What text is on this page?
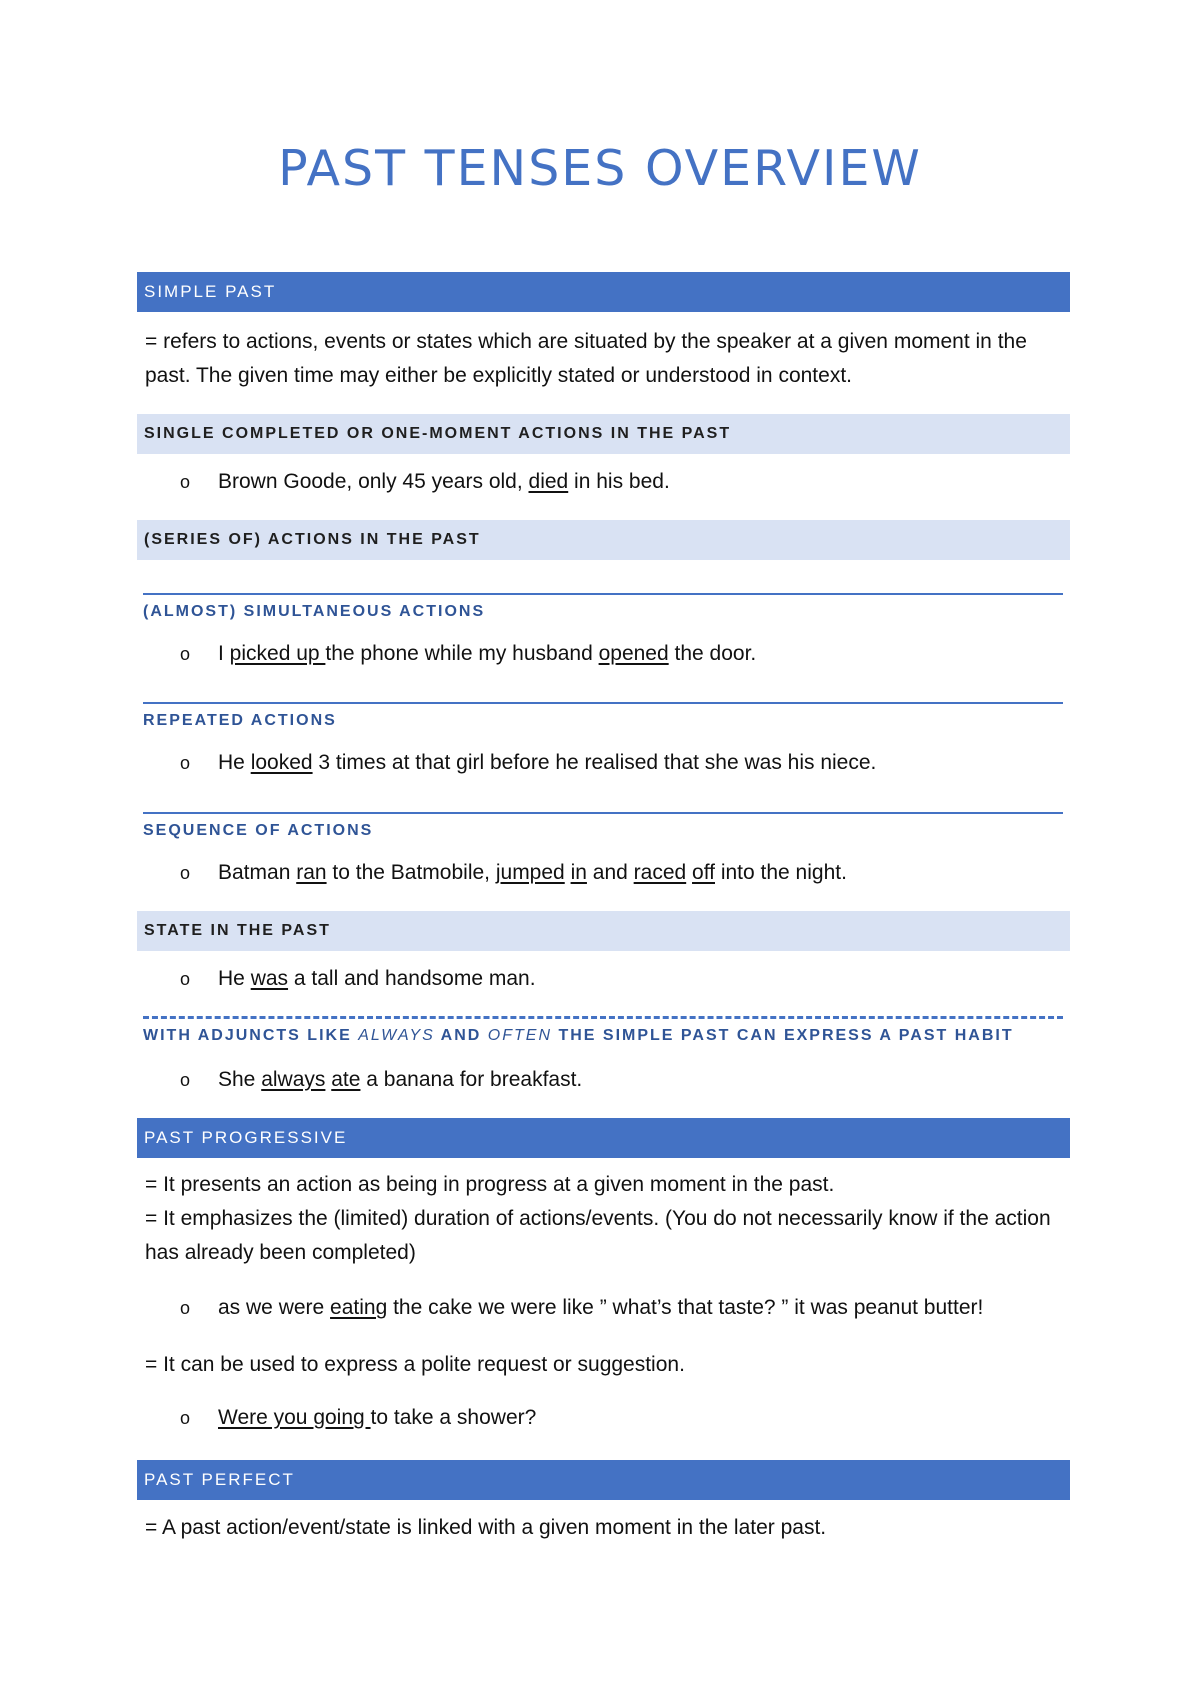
PAST TENSES OVERVIEW
SIMPLE PAST
= refers to actions, events or states which are situated by the speaker at a given moment in the past. The given time may either be explicitly stated or understood in context.
SINGLE COMPLETED OR ONE-MOMENT ACTIONS IN THE PAST
o	Brown Goode, only 45 years old, died in his bed.
(SERIES OF) ACTIONS IN THE PAST
(ALMOST) SIMULTANEOUS ACTIONS
o	I picked up the phone while my husband opened the door.
REPEATED ACTIONS
o	He looked 3 times at that girl before he realised that she was his niece.
SEQUENCE OF ACTIONS
o	Batman ran to the Batmobile, jumped in and raced off into the night.
STATE IN THE PAST
o	He was a tall and handsome man.
WITH ADJUNCTS LIKE ALWAYS AND OFTEN THE SIMPLE PAST CAN EXPRESS A PAST HABIT
o	She always ate a banana for breakfast.
PAST PROGRESSIVE
= It presents an action as being in progress at a given moment in the past.
= It emphasizes the (limited) duration of actions/events. (You do not necessarily know if the action has already been completed)
o	as we were eating the cake we were like ” what’s that taste? ” it was peanut butter!
= It can be used to express a polite request or suggestion.
o	Were you going to take a shower?
PAST PERFECT
= A past action/event/state is linked with a given moment in the later past.
